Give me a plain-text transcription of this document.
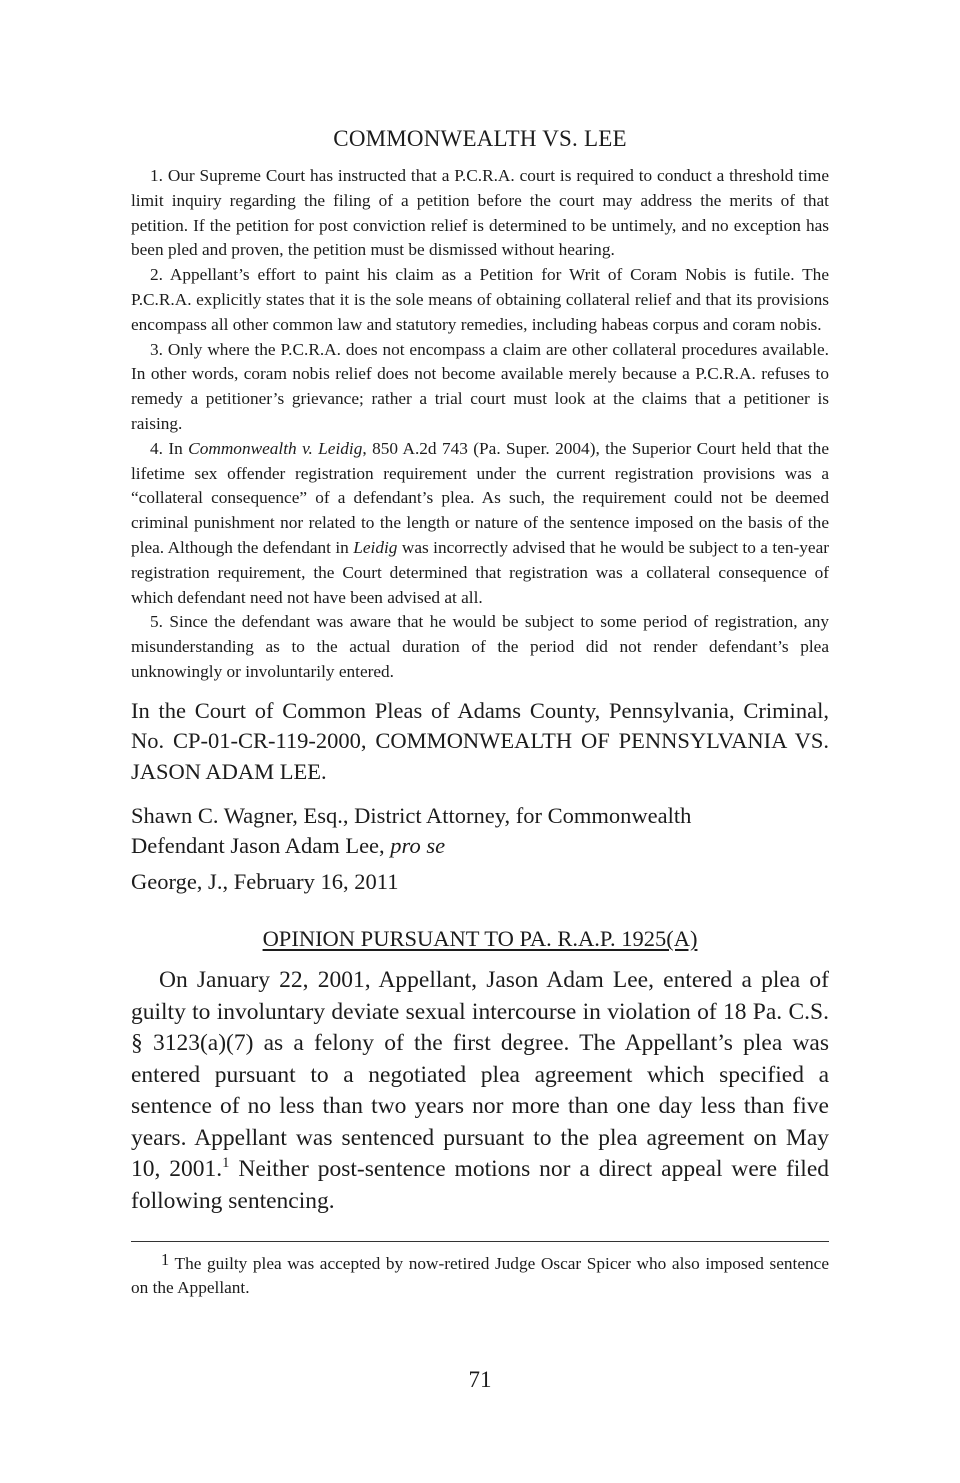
COMMONWEALTH VS. LEE

1. Our Supreme Court has instructed that a P.C.R.A. court is required to conduct a threshold time limit inquiry regarding the filing of a petition before the court may address the merits of that petition. If the petition for post conviction relief is determined to be untimely, and no exception has been pled and proven, the petition must be dismissed without hearing.

2. Appellant’s effort to paint his claim as a Petition for Writ of Coram Nobis is futile. The P.C.R.A. explicitly states that it is the sole means of obtaining collateral relief and that its provisions encompass all other common law and statutory remedies, including habeas corpus and coram nobis.

3. Only where the P.C.R.A. does not encompass a claim are other collateral procedures available. In other words, coram nobis relief does not become available merely because a P.C.R.A. refuses to remedy a petitioner’s grievance; rather a trial court must look at the claims that a petitioner is raising.

4. In Commonwealth v. Leidig, 850 A.2d 743 (Pa. Super. 2004), the Superior Court held that the lifetime sex offender registration requirement under the current registration provisions was a “collateral consequence” of a defendant’s plea. As such, the requirement could not be deemed criminal punishment nor related to the length or nature of the sentence imposed on the basis of the plea. Although the defendant in Leidig was incorrectly advised that he would be subject to a ten-year registration requirement, the Court determined that registration was a collateral consequence of which defendant need not have been advised at all.

5. Since the defendant was aware that he would be subject to some period of registration, any misunderstanding as to the actual duration of the period did not render defendant’s plea unknowingly or involuntarily entered.

In the Court of Common Pleas of Adams County, Pennsylvania, Criminal, No. CP-01-CR-119-2000, COMMONWEALTH OF PENNSYLVANIA VS. JASON ADAM LEE.

Shawn C. Wagner, Esq., District Attorney, for Commonwealth

Defendant Jason Adam Lee, pro se

George, J., February 16, 2011
OPINION PURSUANT TO PA. R.A.P. 1925(A)

On January 22, 2001, Appellant, Jason Adam Lee, entered a plea of guilty to involuntary deviate sexual intercourse in violation of 18 Pa. C.S. § 3123(a)(7) as a felony of the first degree. The Appellant’s plea was entered pursuant to a negotiated plea agreement which specified a sentence of no less than two years nor more than one day less than five years. Appellant was sentenced pursuant to the plea agreement on May 10, 2001.$^1$ Neither post-sentence motions nor a direct appeal were filed following sentencing.

1 The guilty plea was accepted by now-retired Judge Oscar Spicer who also imposed sentence on the Appellant.

71
